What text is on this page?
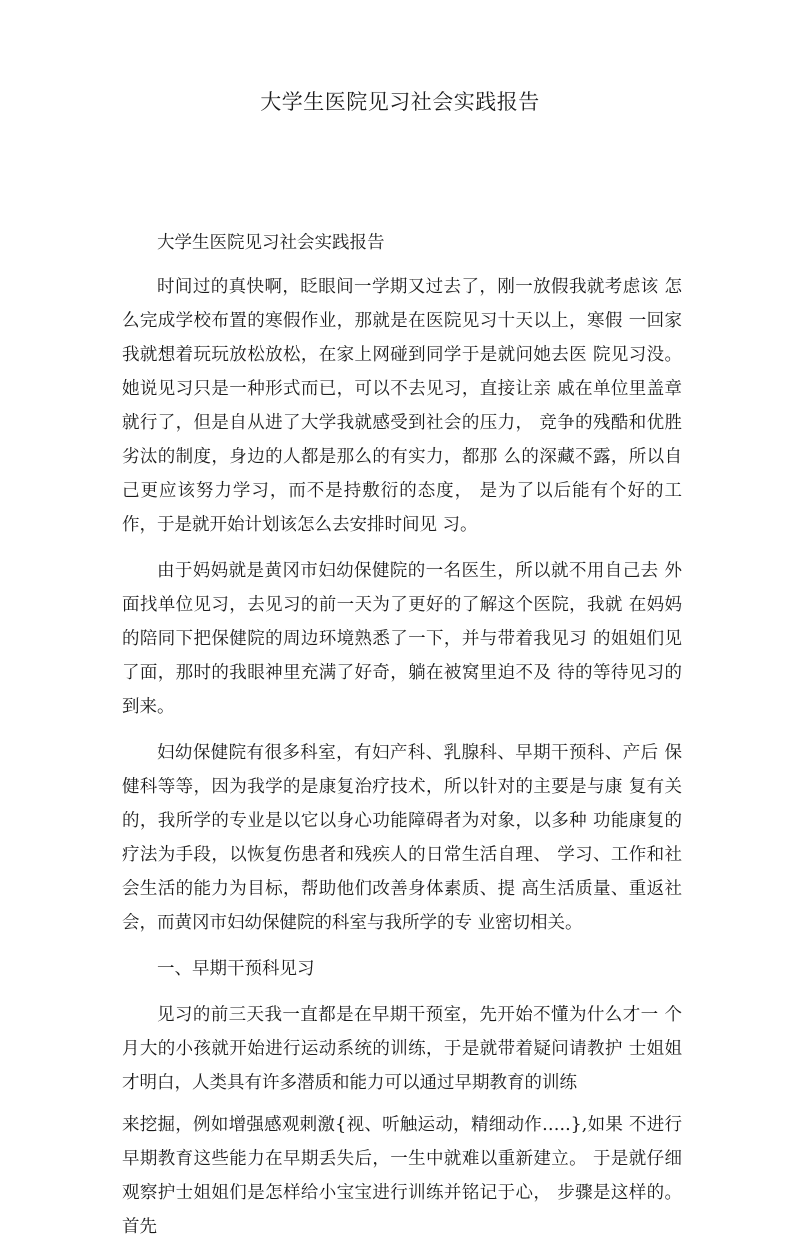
大学生医院见习社会实践报告

大学生医院见习社会实践报告

时间过的真快啊，眨眼间一学期又过去了，刚一放假我就考虑该 怎么完成学校布置的寒假作业，那就是在医院见习十天以上，寒假 一回家我就想着玩玩放松放松，在家上网碰到同学于是就问她去医 院见习没。她说见习只是一种形式而已，可以不去见习，直接让亲 戚在单位里盖章就行了，但是自从进了大学我就感受到社会的压力， 竞争的残酷和优胜劣汰的制度，身边的人都是那么的有实力，都那 么的深藏不露，所以自己更应该努力学习，而不是持敷衍的态度， 是为了以后能有个好的工作，于是就开始计划该怎么去安排时间见 习。

由于妈妈就是黄冈市妇幼保健院的一名医生，所以就不用自己去 外面找单位见习，去见习的前一天为了更好的了解这个医院，我就 在妈妈的陪同下把保健院的周边环境熟悉了一下，并与带着我见习 的姐姐们见了面，那时的我眼神里充满了好奇，躺在被窝里迫不及 待的等待见习的到来。

妇幼保健院有很多科室，有妇产科、乳腺科、早期干预科、产后 保健科等等，因为我学的是康复治疗技术，所以针对的主要是与康 复有关的，我所学的专业是以它以身心功能障碍者为对象，以多种 功能康复的疗法为手段，以恢复伤患者和残疾人的日常生活自理、 学习、工作和社会生活的能力为目标，帮助他们改善身体素质、提 高生活质量、重返社会，而黄冈市妇幼保健院的科室与我所学的专 业密切相关。

一、早期干预科见习

见习的前三天我一直都是在早期干预室，先开始不懂为什么才一 个月大的小孩就开始进行运动系统的训练，于是就带着疑问请教护 士姐姐才明白，人类具有许多潜质和能力可以通过早期教育的训练

来挖掘，例如增强感观刺激{视、听触运动，精细动作…..},如果 不进行早期教育这些能力在早期丢失后，一生中就难以重新建立。 于是就仔细观察护士姐姐们是怎样给小宝宝进行训练并铭记于心， 步骤是这样的。首先
